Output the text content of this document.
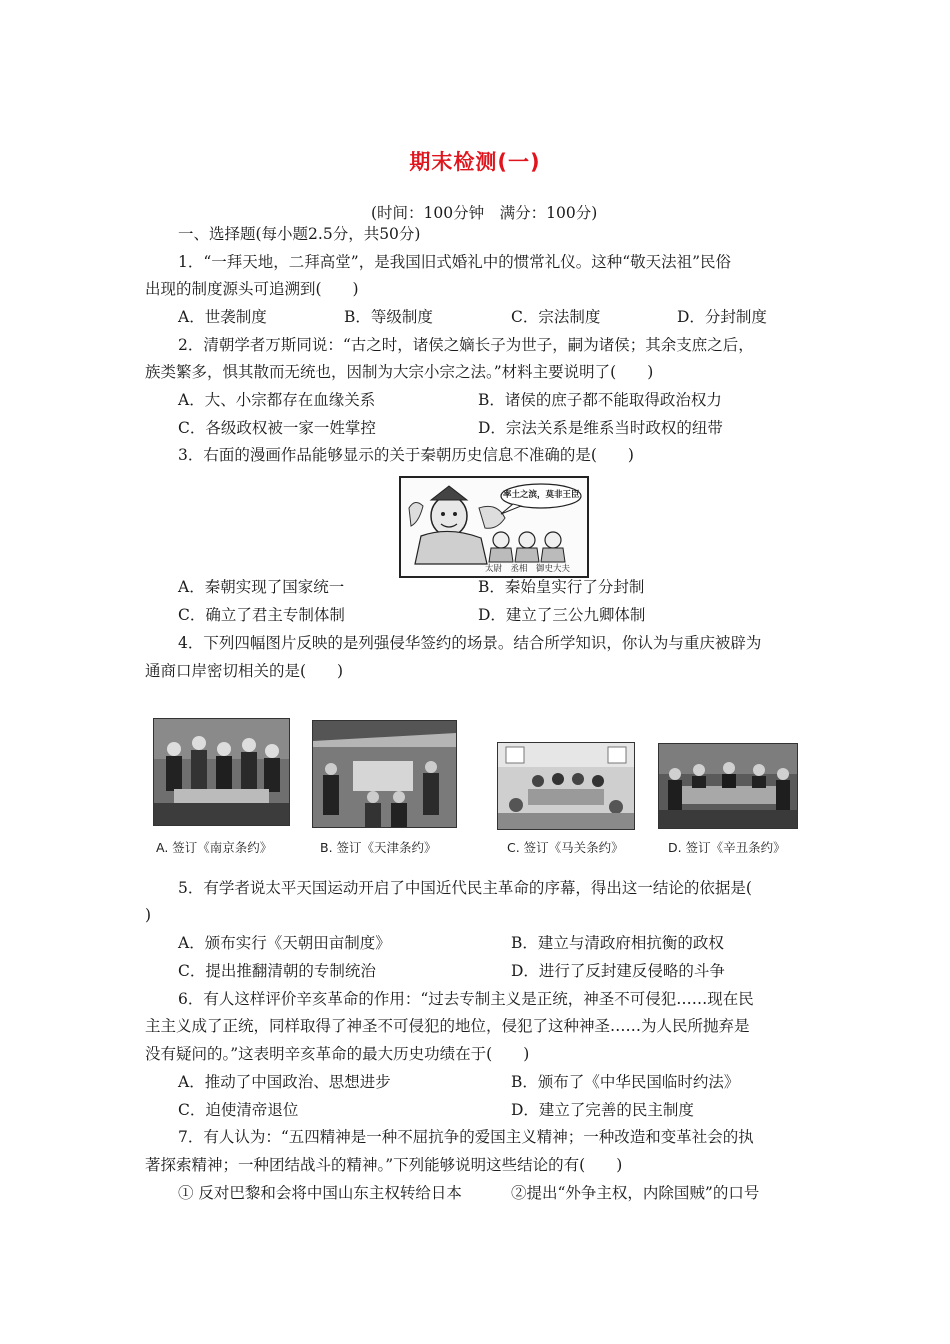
期末检测(一)
(时间：100分钟　满分：100分)
一、选择题(每小题2.5分，共50分)
1．“一拜天地，二拜高堂”，是我国旧式婚礼中的惯常礼仪。这种“敬天法祖”民俗
出现的制度源头可追溯到(　　)
A．世袭制度	B．等级制度	C．宗法制度	D．分封制度
2．清朝学者万斯同说：“古之时，诸侯之嫡长子为世子，嗣为诸侯；其余支庶之后，
族类繁多，惧其散而无统也，因制为大宗小宗之法。”材料主要说明了(　　)
A．大、小宗都存在血缘关系	B．诸侯的庶子都不能取得政治权力
C．各级政权被一家一姓掌控	D．宗法关系是维系当时政权的纽带
3．右面的漫画作品能够显示的关于秦朝历史信息不准确的是(　　)
率土之滨，莫非王臣
太尉　丞相　御史大夫
A．秦朝实现了国家统一	B．秦始皇实行了分封制
C．确立了君主专制体制	D．建立了三公九卿体制
4．下列四幅图片反映的是列强侵华签约的场景。结合所学知识，你认为与重庆被辟为
通商口岸密切相关的是(　　)
A. 签订《南京条约》	B. 签订《天津条约》	C. 签订《马关条约》	D. 签订《辛丑条约》
5．有学者说太平天国运动开启了中国近代民主革命的序幕，得出这一结论的依据是(
)
A．颁布实行《天朝田亩制度》	B．建立与清政府相抗衡的政权
C．提出推翻清朝的专制统治	D．进行了反封建反侵略的斗争
6．有人这样评价辛亥革命的作用：“过去专制主义是正统，神圣不可侵犯……现在民
主主义成了正统，同样取得了神圣不可侵犯的地位，侵犯了这种神圣……为人民所抛弃是
没有疑问的。”这表明辛亥革命的最大历史功绩在于(　　)
A．推动了中国政治、思想进步	B．颁布了《中华民国临时约法》
C．迫使清帝退位	D．建立了完善的民主制度
7．有人认为：“五四精神是一种不屈抗争的爱国主义精神；一种改造和变革社会的执
著探索精神；一种团结战斗的精神。”下列能够说明这些结论的有(　　)
① 反对巴黎和会将中国山东主权转给日本	②提出“外争主权，内除国贼”的口号
